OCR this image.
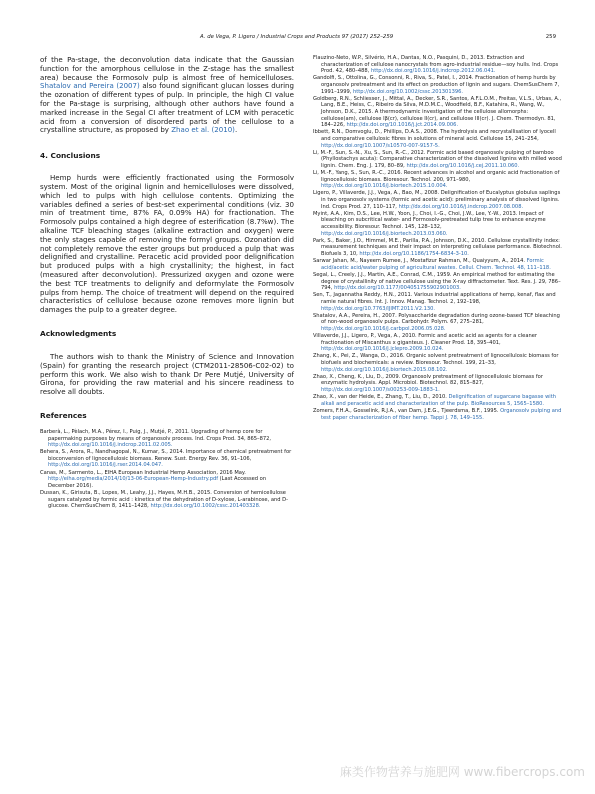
A. de Vega, P. Ligero / Industrial Crops and Products 97 (2017) 252–259	259

of the Pa-stage, the deconvolution data indicate that the Gaussian function for the amorphous cellulose in the Z-stage has the smallest area) because the Formosolv pulp is almost free of hemicelluloses. Shatalov and Pereira (2007) also found significant glucan losses during the ozonation of different types of pulp. In principle, the high CI value for the Pa-stage is surprising, although other authors have found a marked increase in the Segal CI after treatment of LCM with peracetic acid from a conversion of disordered parts of the cellulose to a crystalline structure, as proposed by Zhao et al. (2010).

4. Conclusions

Hemp hurds were efficiently fractionated using the Formosolv system. Most of the original lignin and hemicelluloses were dissolved, which led to pulps with high cellulose contents. Optimizing the variables defined a series of best-set experimental conditions (viz. 30 min of treatment time, 87% FA, 0.09% HA) for fractionation. The Formosolv pulps contained a high degree of esterification (8.7%w). The alkaline TCF bleaching stages (alkaline extraction and oxygen) were the only stages capable of removing the formyl groups. Ozonation did not completely remove the ester groups but produced a pulp that was delignified and crystalline. Peracetic acid provided poor delignification but produced pulps with a high crystallinity; the highest, in fact (measured after deconvolution). Pressurized oxygen and ozone were the best TCF treatments to delignify and deformylate the Formosolv pulps from hemp. The choice of treatment will depend on the required characteristics of cellulose because ozone removes more lignin but damages the pulp to a greater degree.

Acknowledgments

The authors wish to thank the Ministry of Science and Innovation (Spain) for granting the research project (CTM2011-28506-C02-02) to perform this work. We also wish to thank Dr Pere Mutjé, University of Girona, for providing the raw material and his sincere readiness to resolve all doubts.

References

Barberà, L., Pèlach, M.A., Pérez, I., Puig, J., Mutjé, P., 2011. Upgrading of hemp core for papermaking purposes by means of organosolv process. Ind. Crops Prod. 34, 865–872, http://dx.doi.org/10.1016/j.indcrop.2011.02.005.

Behera, S., Arora, R., Nandhagopal, N., Kumar, S., 2014. Importance of chemical pretreatment for bioconversion of lignocellulosic biomass. Renew. Sust. Energy Rev. 36, 91–106, http://dx.doi.org/10.1016/j.rser.2014.04.047.

Canas, M., Sarmento, L., EIHA European Industrial Hemp Association, 2016 May. http://eiha.org/media/2014/10/13-06-European-Hemp-Industry.pdf (Last Accessed on December 2016).

Dussan, K., Girisuta, B., Lopes, M., Leahy, J.J., Hayes, M.H.B., 2015. Conversion of hemicellulose sugars catalyzed by formic acid : kinetics of the dehydration of D-xylose, L-arabinose, and D-glucose. ChemSusChem 8, 1411–1428, http://dx.doi.org/10.1002/cssc.201403328.

Flauzino-Neto, W.P., Silvério, H.A., Dantas, N.O., Pasquini, D., 2013. Extraction and characterization of cellulose nanocrystals from agro-industrial residue—soy hulls. Ind. Crops Prod. 42, 480–488, http://dx.doi.org/10.1016/j.indcrop.2012.06.041.

Gandolfi, S., Ottolina, G., Consonni, R., Riva, S., Patel, I., 2014. Fractionation of hemp hurds by organosolv pretreatment and its effect on production of lignin and sugars. ChemSusChem 7, 1991–1999, http://dx.doi.org/10.1002/cssc.201301396.

Goldberg, R.N., Schliesser, J., Mittal, A., Decker, S.R., Santos, A.F.L.O.M., Freitas, V.L.S., Urbas, A., Lang, B.E., Heiss, C., Ribeiro da Silva, M.D.M.C., Woodfield, B.F., Katahira, R., Wang, W., Johnson, D.K., 2015. A thermodynamic investigation of the cellulose allomorphs: cellulose(am), cellulose Iβ(cr), cellulose II(cr), and cellulose III(cr). J. Chem. Thermodyn. 81, 184–226, http://dx.doi.org/10.1016/j.jct.2014.09.006.

Ibbett, R.N., Domvoglu, D., Phillips, D.A.S., 2008. The hydrolysis and recrystallisation of lyocell and comparative cellulosic fibres in solutions of mineral acid. Cellulose 15, 241–254, http://dx.doi.org/10.1007/s10570-007-9157-5.

Li, M.-F., Sun, S.-N., Xu, S., Sun, R.-C., 2012. Formic acid based organosolv pulping of bamboo (Phyllostachys acuta): Comparative characterization of the dissolved lignins with milled wood lignin. Chem. Eng. J. 179, 80–89, http://dx.doi.org/10.1016/j.cej.2011.10.060.

Li, M.-F., Yang, S., Sun, R.-C., 2016. Recent advances in alcohol and organic acid fractionation of lignocellulosic biomass. Bioresour. Technol. 200, 971–980, http://dx.doi.org/10.1016/j.biortech.2015.10.004.

Ligero, P., Villaverde, J.J., Vega, A., Bao, M., 2008. Delignification of Eucalyptus globulus saplings in two organosolv systems (formic and acetic acid): preliminary analysis of dissolved lignins. Ind. Crops Prod. 27, 110–117, http://dx.doi.org/10.1016/j.indcrop.2007.08.008.

Myint, A.A., Kim, D.S., Lee, H.W., Yoon, J., Choi, I.-G., Choi, J.W., Lee, Y.-W., 2013. Impact of bleaching on subcritical water- and Formosolv-pretreated tulip tree to enhance enzyme accessibility. Bioresour. Technol. 145, 128–132, http://dx.doi.org/10.1016/j.biortech.2013.03.060.

Park, S., Baker, J.O., Himmel, M.E., Parilla, P.A., Johnson, D.K., 2010. Cellulose crystallinity index: measurement techniques and their impact on interpreting cellulase performance. Biotechnol. Biofuels 3, 10, http://dx.doi.org/10.1186/1754-6834-3-10.

Sarwar Jahan, M., Nayeem Rumee, J., Mostafizur Rahman, M., Quaiyyum, A., 2014. Formic acid/acetic acid/water pulping of agricultural wastes. Cellul. Chem. Technol. 48, 111–118.

Segal, L., Creely, J.J., Martin, A.E., Conrad, C.M., 1959. An empirical method for estimating the degree of crystallinity of native cellulose using the X-ray diffractometer. Text. Res. J. 29, 786–794, http://dx.doi.org/10.1177/004051755902901003.

Sen, T., Jagannatha Reddy, H.N., 2011. Various industrial applications of hemp, kenaf, flax and ramie natural fibres. Int. J. Innov. Manag. Technol. 2, 192–198, http://dx.doi.org/10.7763/IJIMT.2011.V2.130.

Shatalov, A.A., Pereira, H., 2007. Polysaccharide degradation during ozone-based TCF bleaching of non-wood organosolv pulps. Carbohydr. Polym. 67, 275–281, http://dx.doi.org/10.1016/j.carbpol.2006.05.028.

Villaverde, J.J., Ligero, P., Vega, A., 2010. Formic and acetic acid as agents for a cleaner fractionation of Miscanthus x giganteus. J. Cleaner Prod. 18, 395–401, http://dx.doi.org/10.1016/j.jclepro.2009.10.024.

Zhang, K., Pei, Z., Wanga, D., 2016. Organic solvent pretreatment of lignocellulosic biomass for biofuels and biochemicals: a review. Bioresour. Technol. 199, 21–33, http://dx.doi.org/10.1016/j.biortech.2015.08.102.

Zhao, X., Cheng, K., Liu, D., 2009. Organosolv pretreatment of lignocellulosic biomass for enzymatic hydrolysis. Appl. Microbiol. Biotechnol. 82, 815–827, http://dx.doi.org/10.1007/s00253-009-1883-1.

Zhao, X., van der Heide, E., Zhang, T., Liu, D., 2010. Delignification of sugarcane bagasse with alkali and peracetic acid and characterization of the pulp. BioResources 5, 1565–1580.

Zomers, F.H.A., Gosselink, R.J.A., van Dam, J.E.G., Tjeerdsma, B.F., 1995. Organosolv pulping and test paper characterization of fiber hemp. Tappi J. 78, 149–155.

麻类作物营养与施肥网 www.fibercrops.com
